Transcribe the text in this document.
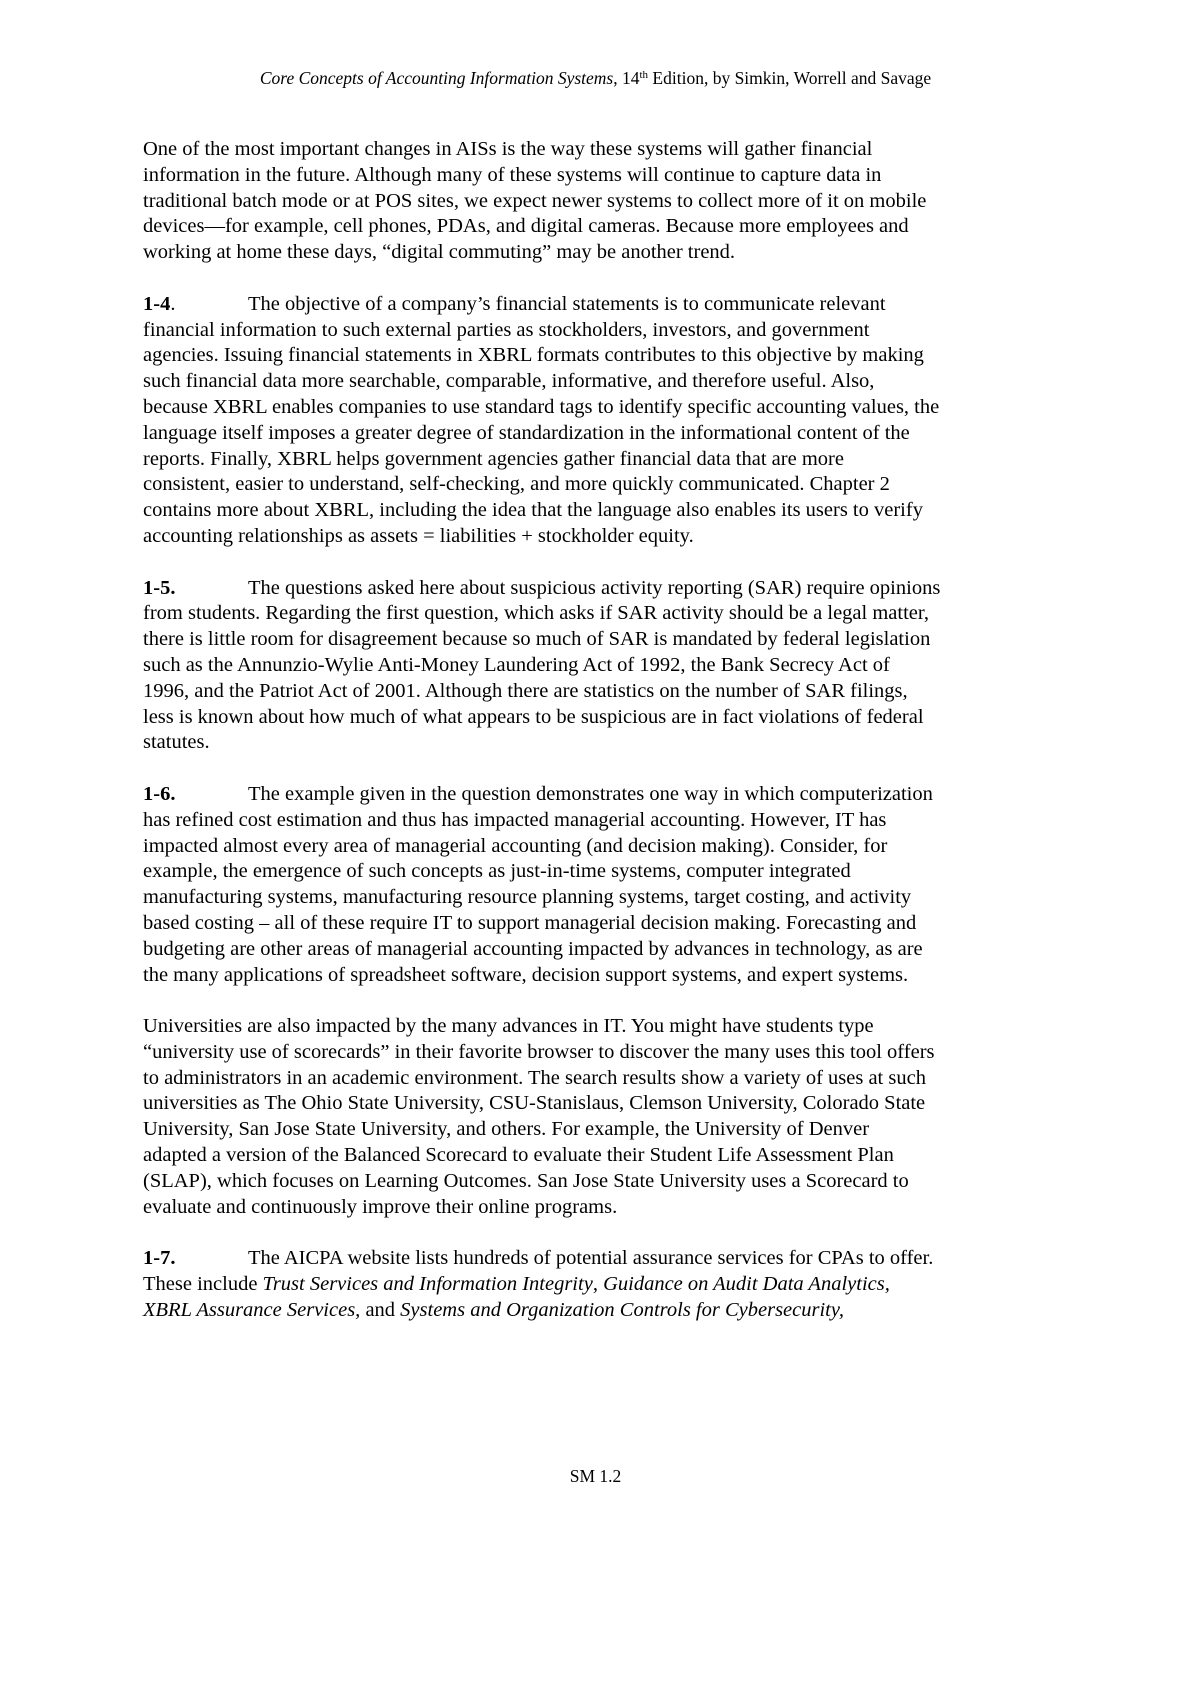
Core Concepts of Accounting Information Systems, 14th Edition, by Simkin, Worrell and Savage

One of the most important changes in AISs is the way these systems will gather financial
information in the future. Although many of these systems will continue to capture data in
traditional batch mode or at POS sites, we expect newer systems to collect more of it on mobile
devices—for example, cell phones, PDAs, and digital cameras. Because more employees and
working at home these days, “digital commuting” may be another trend.

1-4.	The objective of a company’s financial statements is to communicate relevant
financial information to such external parties as stockholders, investors, and government
agencies. Issuing financial statements in XBRL formats contributes to this objective by making
such financial data more searchable, comparable, informative, and therefore useful. Also,
because XBRL enables companies to use standard tags to identify specific accounting values, the
language itself imposes a greater degree of standardization in the informational content of the
reports. Finally, XBRL helps government agencies gather financial data that are more
consistent, easier to understand, self-checking, and more quickly communicated. Chapter 2
contains more about XBRL, including the idea that the language also enables its users to verify
accounting relationships as assets = liabilities + stockholder equity.

1-5.	The questions asked here about suspicious activity reporting (SAR) require opinions
from students. Regarding the first question, which asks if SAR activity should be a legal matter,
there is little room for disagreement because so much of SAR is mandated by federal legislation
such as the Annunzio-Wylie Anti-Money Laundering Act of 1992, the Bank Secrecy Act of
1996, and the Patriot Act of 2001. Although there are statistics on the number of SAR filings,
less is known about how much of what appears to be suspicious are in fact violations of federal
statutes.

1-6.	The example given in the question demonstrates one way in which computerization
has refined cost estimation and thus has impacted managerial accounting. However, IT has
impacted almost every area of managerial accounting (and decision making). Consider, for
example, the emergence of such concepts as just-in-time systems, computer integrated
manufacturing systems, manufacturing resource planning systems, target costing, and activity
based costing – all of these require IT to support managerial decision making. Forecasting and
budgeting are other areas of managerial accounting impacted by advances in technology, as are
the many applications of spreadsheet software, decision support systems, and expert systems.

Universities are also impacted by the many advances in IT. You might have students type
“university use of scorecards” in their favorite browser to discover the many uses this tool offers
to administrators in an academic environment. The search results show a variety of uses at such
universities as The Ohio State University, CSU-Stanislaus, Clemson University, Colorado State
University, San Jose State University, and others. For example, the University of Denver
adapted a version of the Balanced Scorecard to evaluate their Student Life Assessment Plan
(SLAP), which focuses on Learning Outcomes. San Jose State University uses a Scorecard to
evaluate and continuously improve their online programs.

1-7.	The AICPA website lists hundreds of potential assurance services for CPAs to offer.
These include Trust Services and Information Integrity, Guidance on Audit Data Analytics,
XBRL Assurance Services, and Systems and Organization Controls for Cybersecurity,

SM 1.2
